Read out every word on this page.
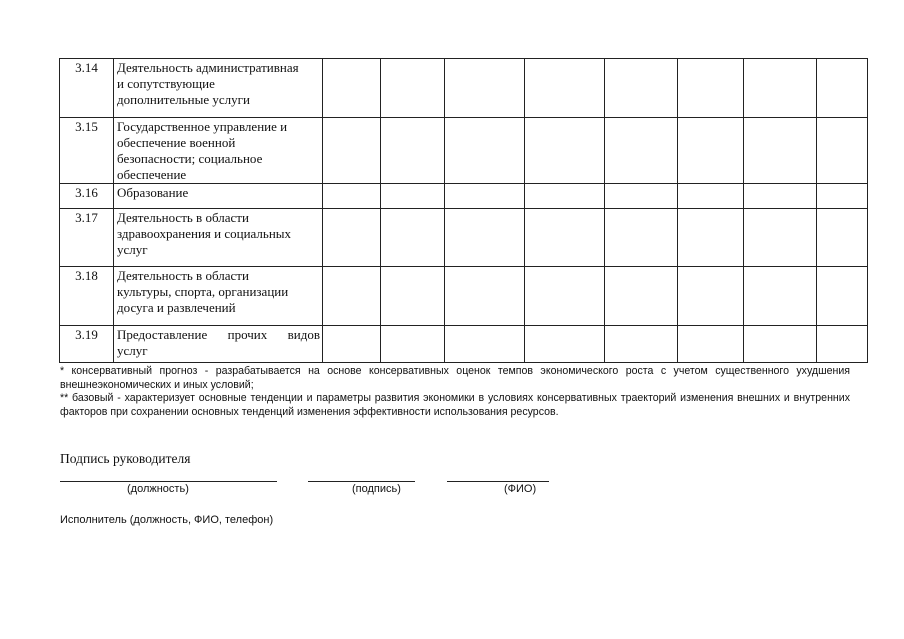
3.14	Деятельность административная
и сопутствующие
дополнительные услуги								

3.15	Государственное управление и
обеспечение военной
безопасности; социальное
обеспечение								

3.16	Образование								

3.17	Деятельность в области
здравоохранения и социальных
услуг								

3.18	Деятельность в области
культуры, спорта, организации
досуга и развлечений								

3.19	Предоставление прочих видов
услуг								

* консервативный прогноз - разрабатывается на основе консервативных оценок темпов экономического роста с учетом существенного ухудшения внешнеэкономических и иных условий;
** базовый - характеризует основные тенденции и параметры развития экономики в условиях консервативных траекторий изменения внешних и внутренних факторов при сохранении основных тенденций изменения эффективности использования ресурсов.
Подпись руководителя
(должность)	(подпись)	(ФИО)
Исполнитель (должность, ФИО, телефон)
